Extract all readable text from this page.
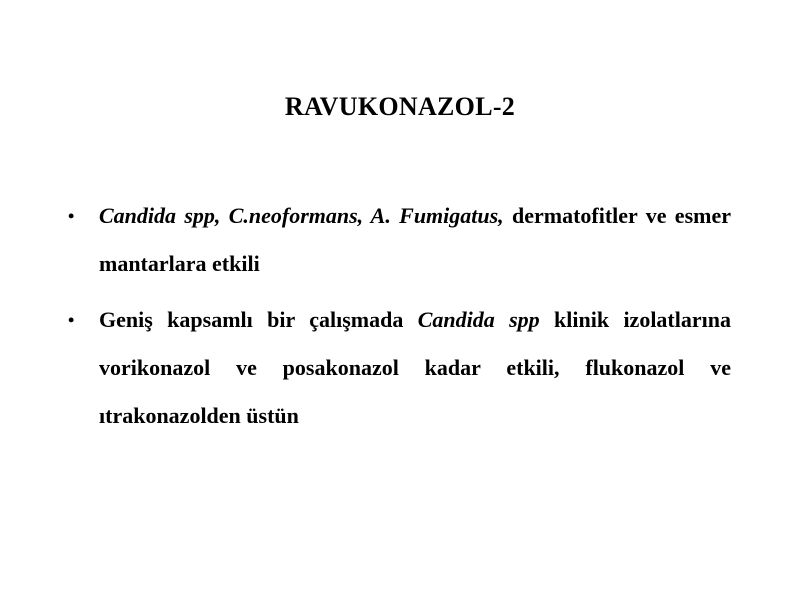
RAVUKONAZOL-2
• Candida spp, C.neoformans, A. Fumigatus, dermatofitler ve esmer mantarlara etkili
• Geniş kapsamlı bir çalışmada Candida spp klinik izolatlarına vorikonazol ve posakonazol kadar etkili, flukonazol ve ıtrakonazolden üstün
